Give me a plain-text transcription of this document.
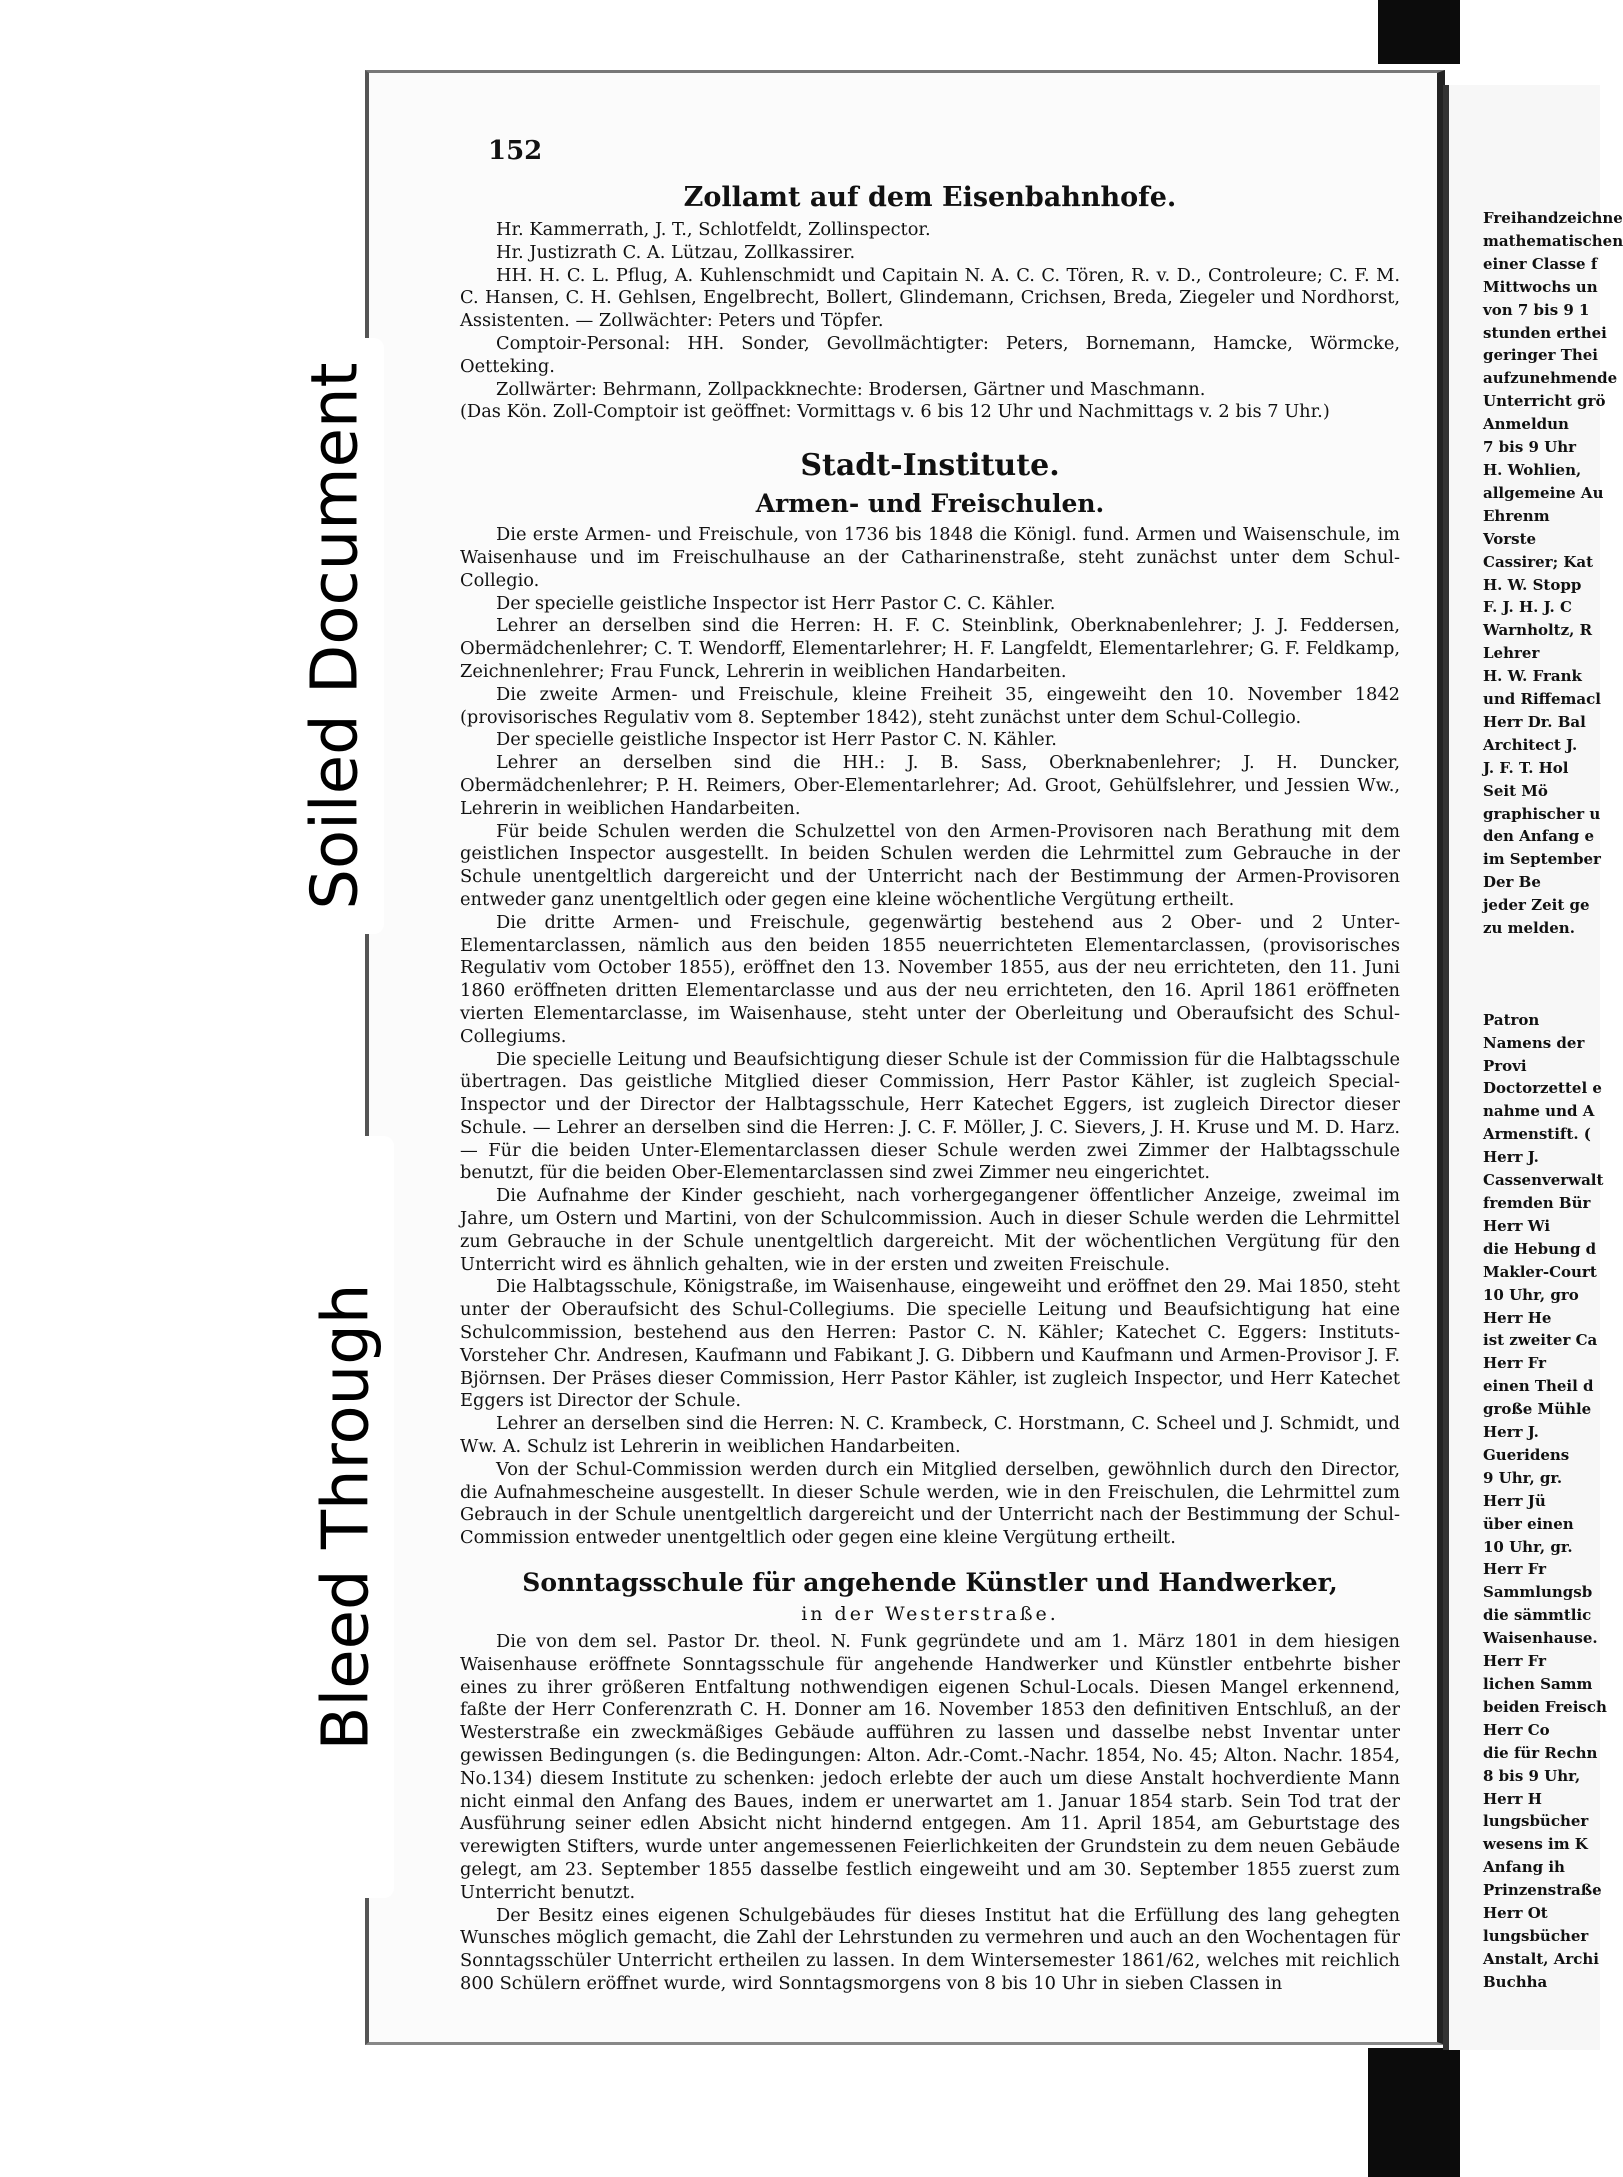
Freihandzeichne
mathematischen
einer Classe f
Mittwochs un
von 7 bis 9 1
stunden erthei
geringer Thei
aufzunehmende
Unterricht grö
Anmeldun
7 bis 9 Uhr
H. Wohlien,
allgemeine Au
Ehrenm
Vorste
Cassirer; Kat
H. W. Stopp
F. J. H. J. C
Warnholtz, R
Lehrer
H. W. Frank
und Riffemacl
Herr Dr. Bal
Architect J.
J. F. T. Hol
Seit Mö
graphischer u
den Anfang e
im September
Der Be
jeder Zeit ge
zu melden.

Patron
Namens der
Provi
Doctorzettel e
nahme und A
Armenstift. (
Herr J.
Cassenverwalt
fremden Bür
Herr Wi
die Hebung d
Makler-Court
10 Uhr, gro
Herr He
ist zweiter Ca
Herr Fr
einen Theil d
große Mühle
Herr J.
Gueridens
9 Uhr, gr.
Herr Jü
über einen
10 Uhr, gr.
Herr Fr
Sammlungsb
die sämmtlic
Waisenhause.
Herr Fr
lichen Samm
beiden Freisch
Herr Co
die für Rechn
8 bis 9 Uhr,
Herr H
lungsbücher
wesens im K
Anfang ih
Prinzenstraße
Herr Ot
lungsbücher
Anstalt, Archi
Buchha
152
Zollamt auf dem Eisenbahnhofe.

Hr. Kammerrath, J. T., Schlotfeldt, Zollinspector.

Hr. Justizrath C. A. Lützau, Zollkassirer.

HH. H. C. L. Pflug, A. Kuhlenschmidt und Capitain N. A. C. C. Tören, R. v. D., Controleure; C. F. M. C. Hansen, C. H. Gehlsen, Engelbrecht, Bollert, Glindemann, Crichsen, Breda, Ziegeler und Nordhorst, Assistenten. — Zollwächter: Peters und Töpfer.

Comptoir-Personal: HH. Sonder, Gevollmächtigter: Peters, Bornemann, Hamcke, Wörmcke, Oetteking.

Zollwärter: Behrmann, Zollpackknechte: Brodersen, Gärtner und Maschmann.

(Das Kön. Zoll-Comptoir ist geöffnet: Vormittags v. 6 bis 12 Uhr und Nachmittags v. 2 bis 7 Uhr.)

Stadt-Institute.
Armen- und Freischulen.

Die erste Armen- und Freischule, von 1736 bis 1848 die Königl. fund. Armen und Waisenschule, im Waisenhause und im Freischulhause an der Catharinenstraße, steht zunächst unter dem Schul-Collegio.

Der specielle geistliche Inspector ist Herr Pastor C. C. Kähler.

Lehrer an derselben sind die Herren: H. F. C. Steinblink, Oberknabenlehrer; J. J. Feddersen, Obermädchenlehrer; C. T. Wendorff, Elementarlehrer; H. F. Langfeldt, Elementarlehrer; G. F. Feldkamp, Zeichnenlehrer; Frau Funck, Lehrerin in weiblichen Handarbeiten.

Die zweite Armen- und Freischule, kleine Freiheit 35, eingeweiht den 10. November 1842 (provisorisches Regulativ vom 8. September 1842), steht zunächst unter dem Schul-Collegio.

Der specielle geistliche Inspector ist Herr Pastor C. N. Kähler.

Lehrer an derselben sind die HH.: J. B. Sass, Oberknabenlehrer; J. H. Duncker, Obermädchenlehrer; P. H. Reimers, Ober-Elementarlehrer; Ad. Groot, Gehülfslehrer, und Jessien Ww., Lehrerin in weiblichen Handarbeiten.

Für beide Schulen werden die Schulzettel von den Armen-Provisoren nach Berathung mit dem geistlichen Inspector ausgestellt. In beiden Schulen werden die Lehrmittel zum Gebrauche in der Schule unentgeltlich dargereicht und der Unterricht nach der Bestimmung der Armen-Provisoren entweder ganz unentgeltlich oder gegen eine kleine wöchentliche Vergütung ertheilt.

Die dritte Armen- und Freischule, gegenwärtig bestehend aus 2 Ober- und 2 Unter-Elementarclassen, nämlich aus den beiden 1855 neuerrichteten Elementarclassen, (provisorisches Regulativ vom October 1855), eröffnet den 13. November 1855, aus der neu errichteten, den 11. Juni 1860 eröffneten dritten Elementarclasse und aus der neu errichteten, den 16. April 1861 eröffneten vierten Elementarclasse, im Waisenhause, steht unter der Oberleitung und Oberaufsicht des Schul-Collegiums.

Die specielle Leitung und Beaufsichtigung dieser Schule ist der Commission für die Halbtagsschule übertragen. Das geistliche Mitglied dieser Commission, Herr Pastor Kähler, ist zugleich Special-Inspector und der Director der Halbtagsschule, Herr Katechet Eggers, ist zugleich Director dieser Schule. — Lehrer an derselben sind die Herren: J. C. F. Möller, J. C. Sievers, J. H. Kruse und M. D. Harz. — Für die beiden Unter-Elementarclassen dieser Schule werden zwei Zimmer der Halbtagsschule benutzt, für die beiden Ober-Elementarclassen sind zwei Zimmer neu eingerichtet.

Die Aufnahme der Kinder geschieht, nach vorhergegangener öffentlicher Anzeige, zweimal im Jahre, um Ostern und Martini, von der Schulcommission. Auch in dieser Schule werden die Lehrmittel zum Gebrauche in der Schule unentgeltlich dargereicht. Mit der wöchentlichen Vergütung für den Unterricht wird es ähnlich gehalten, wie in der ersten und zweiten Freischule.

Die Halbtagsschule, Königstraße, im Waisenhause, eingeweiht und eröffnet den 29. Mai 1850, steht unter der Oberaufsicht des Schul-Collegiums. Die specielle Leitung und Beaufsichtigung hat eine Schulcommission, bestehend aus den Herren: Pastor C. N. Kähler; Katechet C. Eggers: Instituts-Vorsteher Chr. Andresen, Kaufmann und Fabikant J. G. Dibbern und Kaufmann und Armen-Provisor J. F. Björnsen. Der Präses dieser Commission, Herr Pastor Kähler, ist zugleich Inspector, und Herr Katechet Eggers ist Director der Schule.

Lehrer an derselben sind die Herren: N. C. Krambeck, C. Horstmann, C. Scheel und J. Schmidt, und Ww. A. Schulz ist Lehrerin in weiblichen Handarbeiten.

Von der Schul-Commission werden durch ein Mitglied derselben, gewöhnlich durch den Director, die Aufnahmescheine ausgestellt. In dieser Schule werden, wie in den Freischulen, die Lehrmittel zum Gebrauch in der Schule unentgeltlich dargereicht und der Unterricht nach der Bestimmung der Schul-Commission entweder unentgeltlich oder gegen eine kleine Vergütung ertheilt.

Sonntagsschule für angehende Künstler und Handwerker,
in der Westerstraße.

Die von dem sel. Pastor Dr. theol. N. Funk gegründete und am 1. März 1801 in dem hiesigen Waisenhause eröffnete Sonntagsschule für angehende Handwerker und Künstler entbehrte bisher eines zu ihrer größeren Entfaltung nothwendigen eigenen Schul-Locals. Diesen Mangel erkennend, faßte der Herr Conferenzrath C. H. Donner am 16. November 1853 den definitiven Entschluß, an der Westerstraße ein zweckmäßiges Gebäude aufführen zu lassen und dasselbe nebst Inventar unter gewissen Bedingungen (s. die Bedingungen: Alton. Adr.-Comt.-Nachr. 1854, No. 45; Alton. Nachr. 1854, No.134) diesem Institute zu schenken: jedoch erlebte der auch um diese Anstalt hochverdiente Mann nicht einmal den Anfang des Baues, indem er unerwartet am 1. Januar 1854 starb. Sein Tod trat der Ausführung seiner edlen Absicht nicht hindernd entgegen. Am 11. April 1854, am Geburtstage des verewigten Stifters, wurde unter angemessenen Feierlichkeiten der Grundstein zu dem neuen Gebäude gelegt, am 23. September 1855 dasselbe festlich eingeweiht und am 30. September 1855 zuerst zum Unterricht benutzt.

Der Besitz eines eigenen Schulgebäudes für dieses Institut hat die Erfüllung des lang gehegten Wunsches möglich gemacht, die Zahl der Lehrstunden zu vermehren und auch an den Wochentagen für Sonntagsschüler Unterricht ertheilen zu lassen. In dem Wintersemester 1861/62, welches mit reichlich 800 Schülern eröffnet wurde, wird Sonntagsmorgens von 8 bis 10 Uhr in sieben Classen in

Soiled Document
Bleed Through
